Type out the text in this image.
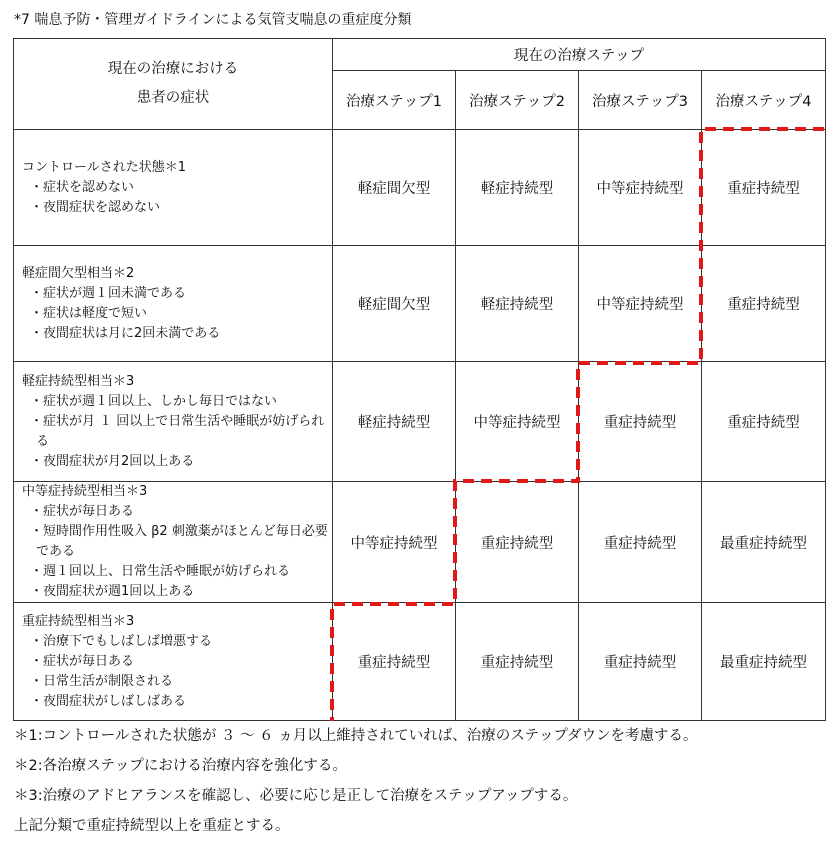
*7 喘息予防・管理ガイドラインによる気管支喘息の重症度分類
現在の治療における
患者の症状	現在の治療ステップ			
	治療ステップ1	治療ステップ2	治療ステップ3	治療ステップ4

コントロールされた状態＊1
・症状を認めない
・夜間症状を認めない	軽症間欠型	軽症持続型	中等症持続型	重症持続型

軽症間欠型相当＊2
・症状が週１回未満である
・症状は軽度で短い
・夜間症状は月に2回未満である	軽症間欠型	軽症持続型	中等症持続型	重症持続型

軽症持続型相当＊3
・症状が週１回以上、しかし毎日ではない
・症状が月 １ 回以上で日常生活や睡眠が妨げられる
・夜間症状が月2回以上ある	軽症持続型	中等症持続型	重症持続型	重症持続型

中等症持続型相当＊3
・症状が毎日ある
・短時間作用性吸入 β2 刺激薬がほとんど毎日必要である
・週１回以上、日常生活や睡眠が妨げられる
・夜間症状が週1回以上ある	中等症持続型	重症持続型	重症持続型	最重症持続型

重症持続型相当＊3
・治療下でもしばしば増悪する
・症状が毎日ある
・日常生活が制限される
・夜間症状がしばしばある	重症持続型	重症持続型	重症持続型	最重症持続型
＊1:コントロールされた状態が ３ ～ ６ ヵ月以上維持されていれば、治療のステップダウンを考慮する。
＊2:各治療ステップにおける治療内容を強化する。
＊3:治療のアドヒアランスを確認し、必要に応じ是正して治療をステップアップする。
上記分類で重症持続型以上を重症とする。
